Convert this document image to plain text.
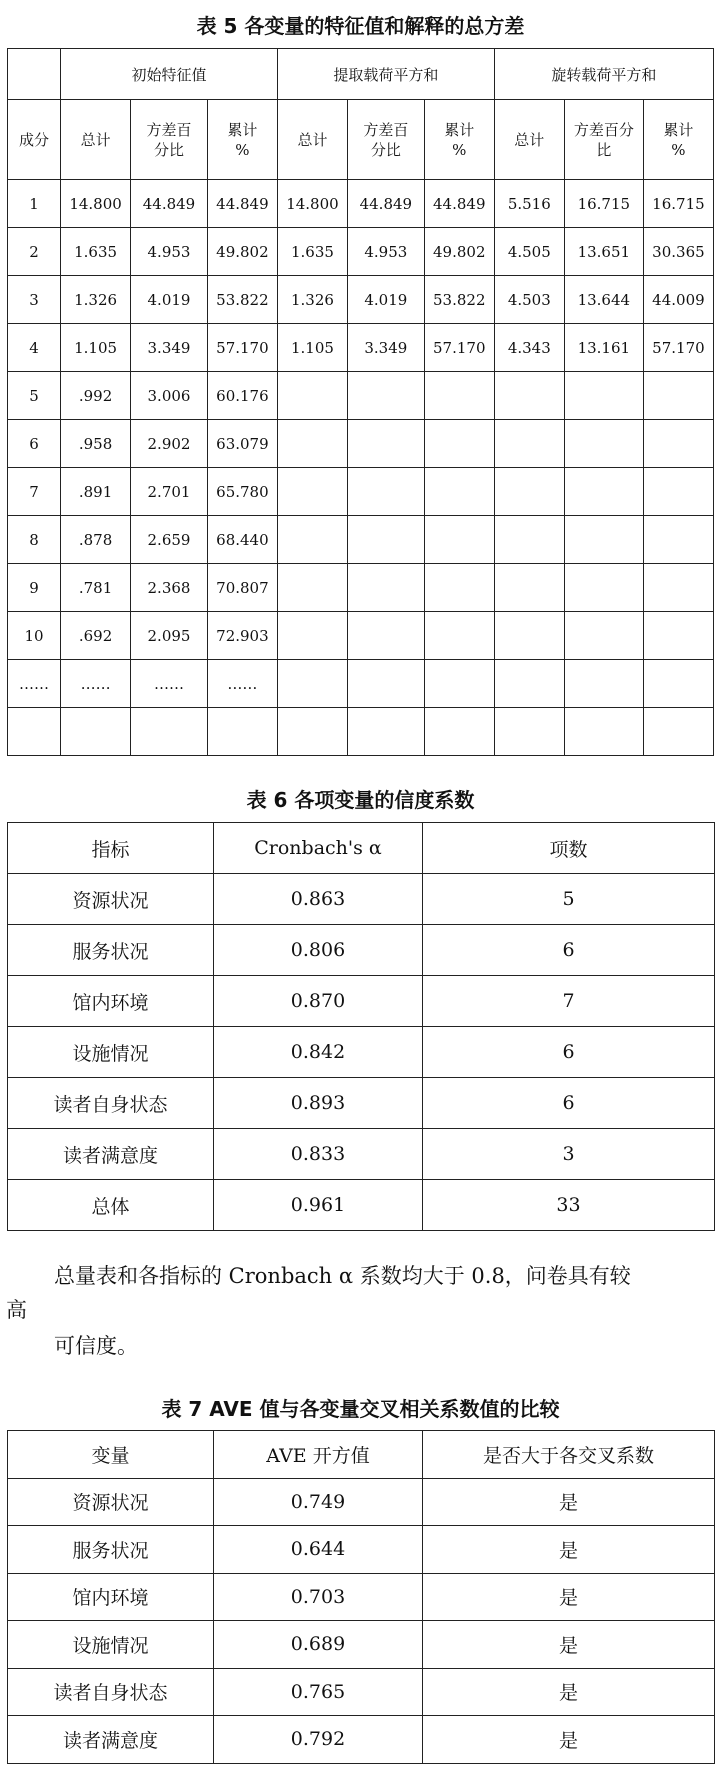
表 5 各变量的特征值和解释的总方差
	初始特征值			提取载荷平方和			旋转载荷平方和		
成分	总计	方差百分比	累计 %	总计	方差百分比	累计 %	总计	方差百分比	累计 %
1	14.800	44.849	44.849	14.800	44.849	44.849	5.516	16.715	16.715
2	1.635	4.953	49.802	1.635	4.953	49.802	4.505	13.651	30.365
3	1.326	4.019	53.822	1.326	4.019	53.822	4.503	13.644	44.009
4	1.105	3.349	57.170	1.105	3.349	57.170	4.343	13.161	57.170
5	.992	3.006	60.176						
6	.958	2.902	63.079						
7	.891	2.701	65.780						
8	.878	2.659	68.440						
9	.781	2.368	70.807						
10	.692	2.095	72.903						
……	……	……	……						

表 6 各项变量的信度系数
指标	Cronbach's α	项数
资源状况	0.863	5
服务状况	0.806	6
馆内环境	0.870	7
设施情况	0.842	6
读者自身状态	0.893	6
读者满意度	0.833	3
总体	0.961	33
总量表和各指标的 Cronbach α 系数均大于 0.8，问卷具有较
高
可信度。
表 7 AVE 值与各变量交叉相关系数值的比较
变量	AVE 开方值	是否大于各交叉系数
资源状况	0.749	是
服务状况	0.644	是
馆内环境	0.703	是
设施情况	0.689	是
读者自身状态	0.765	是
读者满意度	0.792	是
